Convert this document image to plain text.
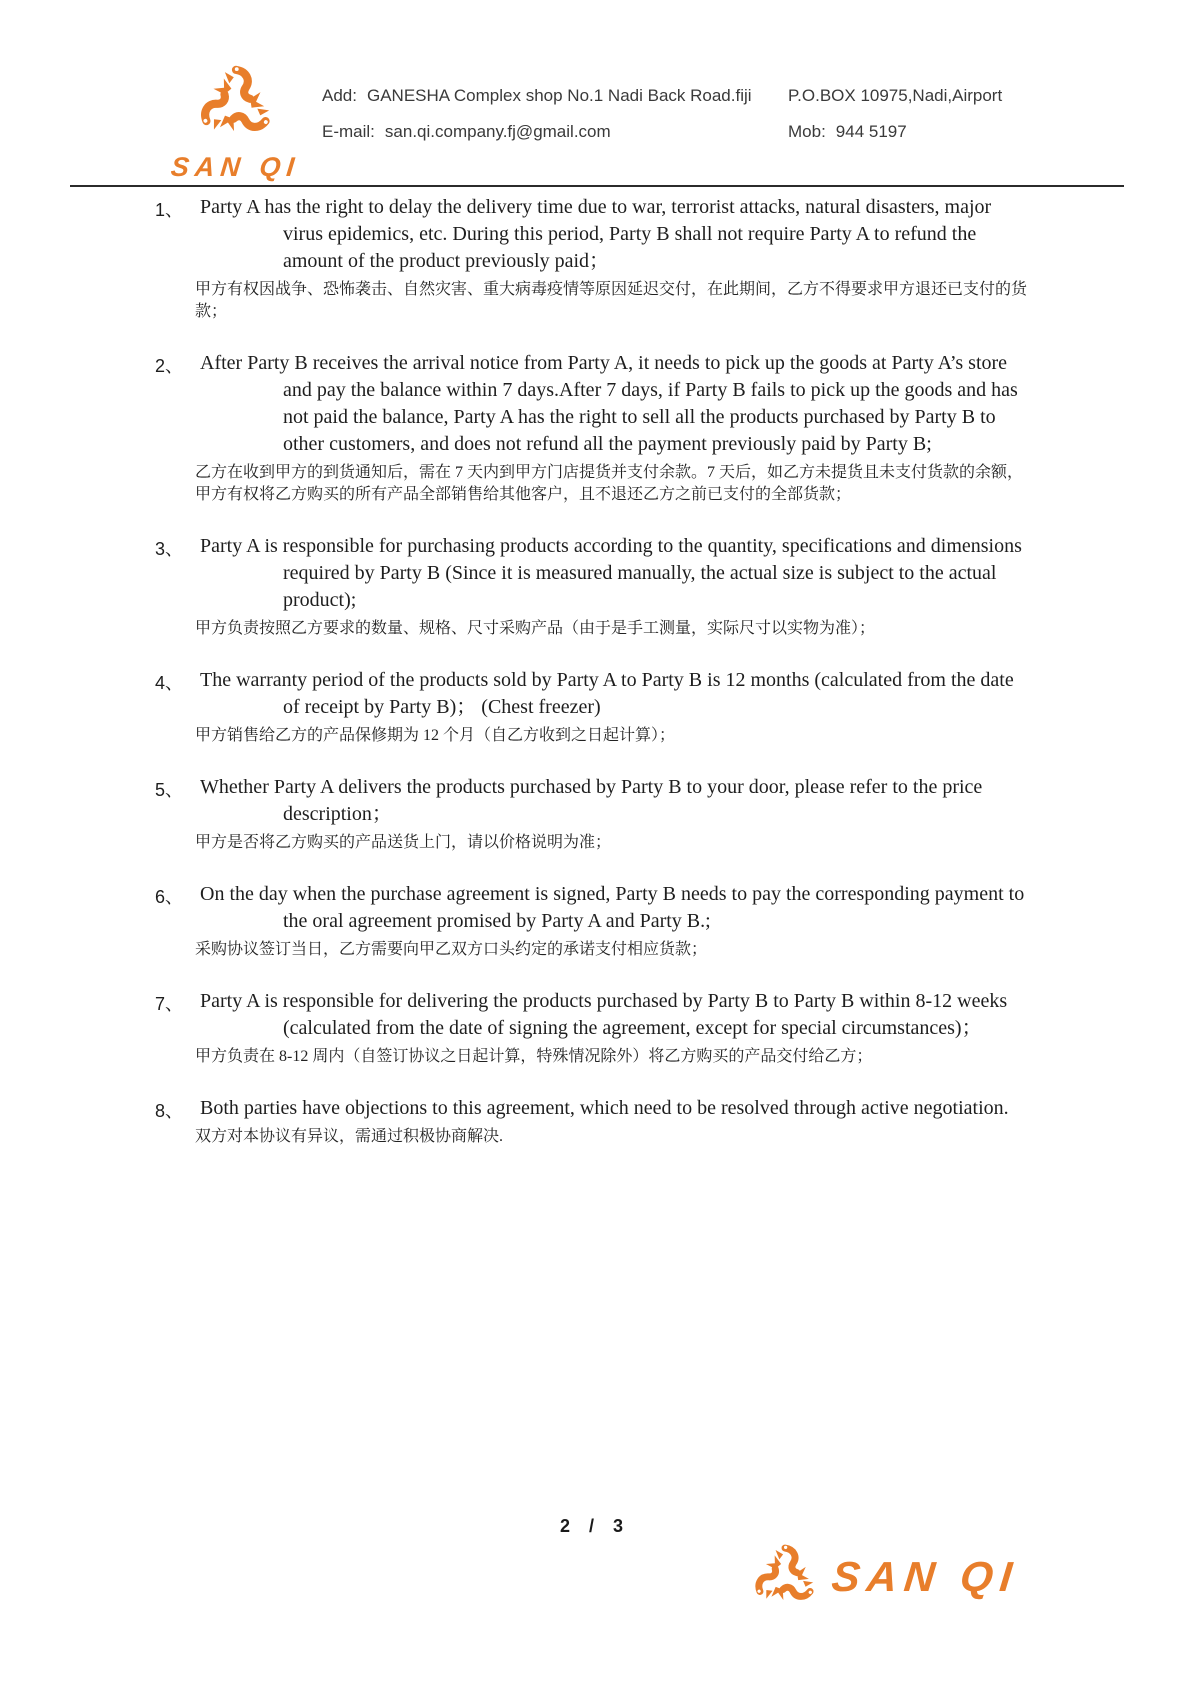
SAN QI
Add: GANESHA Complex shop No.1 Nadi Back Road.fiji P.O.BOX 10975,Nadi,Airport
E-mail: san.qi.company.fj@gmail.com	Mob: 944 5197
1、 Party A has the right to delay the delivery time due to war, terrorist attacks, natural disasters, major virus epidemics, etc. During this period, Party B shall not require Party A to refund the amount of the product previously paid；

甲方有权因战争、恐怖袭击、自然灾害、重大病毒疫情等原因延迟交付，在此期间，乙方不得要求甲方退还已支付的货款；

2、 After Party B receives the arrival notice from Party A, it needs to pick up the goods at Party A’s store and pay the balance within 7 days.After 7 days, if Party B fails to pick up the goods and has not paid the balance, Party A has the right to sell all the products purchased by Party B to other customers, and does not refund all the payment previously paid by Party B;

乙方在收到甲方的到货通知后，需在 7 天内到甲方门店提货并支付余款。7 天后，如乙方未提货且未支付货款的余额，甲方有权将乙方购买的所有产品全部销售给其他客户，且不退还乙方之前已支付的全部货款；

3、 Party A is responsible for purchasing products according to the quantity, specifications and dimensions required by Party B (Since it is measured manually, the actual size is subject to the actual product);

甲方负责按照乙方要求的数量、规格、尺寸采购产品（由于是手工测量，实际尺寸以实物为准）；

4、 The warranty period of the products sold by Party A to Party B is 12 months (calculated from the date of receipt by Party B)； (Chest freezer)

甲方销售给乙方的产品保修期为 12 个月（自乙方收到之日起计算）；

5、 Whether Party A delivers the products purchased by Party B to your door, please refer to the price description；

甲方是否将乙方购买的产品送货上门，请以价格说明为准；

6、 On the day when the purchase agreement is signed, Party B needs to pay the corresponding payment to the oral agreement promised by Party A and Party B.;

采购协议签订当日，乙方需要向甲乙双方口头约定的承诺支付相应货款；

7、 Party A is responsible for delivering the products purchased by Party B to Party B within 8-12 weeks (calculated from the date of signing the agreement, except for special circumstances)；

甲方负责在 8-12 周内（自签订协议之日起计算，特殊情况除外）将乙方购买的产品交付给乙方；

8、 Both parties have objections to this agreement, which need to be resolved through active negotiation.

双方对本协议有异议，需通过积极协商解决.

2 / 3
SAN QI
